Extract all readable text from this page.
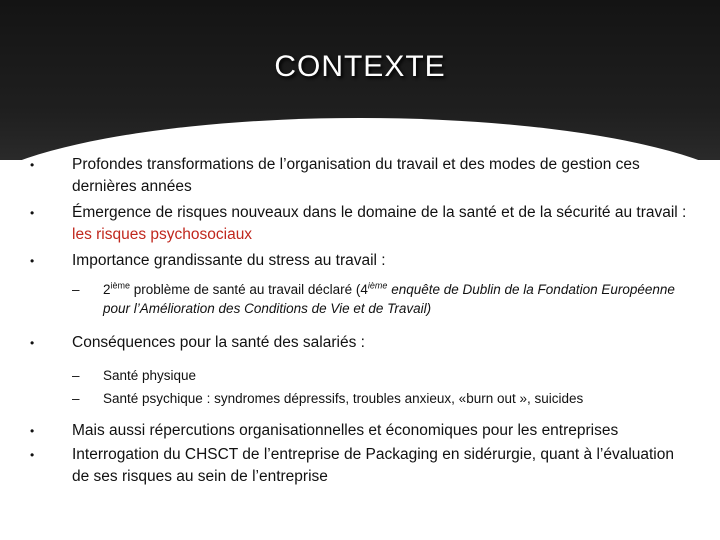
CONTEXTE
• Profondes transformations de l’organisation du travail et des modes de gestion ces dernières années
• Émergence de risques nouveaux dans le domaine de la santé et de la sécurité au travail : les risques psychosociaux
• Importance grandissante du stress au travail :
– 2ième problème de santé au travail déclaré (4ième enquête de Dublin de la Fondation Européenne pour l’Amélioration des Conditions de Vie et de Travail)
• Conséquences pour la santé des salariés :
– Santé physique
– Santé psychique : syndromes dépressifs, troubles anxieux, «burn out », suicides
• Mais aussi répercutions organisationnelles et économiques pour les entreprises
• Interrogation du CHSCT de l’entreprise de Packaging en sidérurgie, quant à l’évaluation de ses risques au sein de l’entreprise
